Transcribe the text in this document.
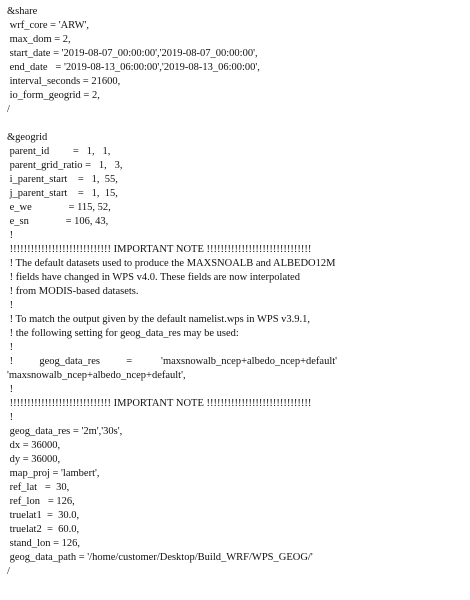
&share
wrf_core = 'ARW',
max_dom = 2,
start_date = '2019-08-07_00:00:00','2019-08-07_00:00:00',
end_date   = '2019-08-13_06:00:00','2019-08-13_06:00:00',
interval_seconds = 21600,
io_form_geogrid = 2,
/
&geogrid
parent_id         =   1,   1,
parent_grid_ratio =   1,   3,
i_parent_start    =   1,  55,
j_parent_start    =   1,  15,
e_we              = 115, 52,
e_sn              = 106, 43,
!
!!!!!!!!!!!!!!!!!!!!!!!!!!!!! IMPORTANT NOTE !!!!!!!!!!!!!!!!!!!!!!!!!!!!!!
! The default datasets used to produce the MAXSNOALB and ALBEDO12M
! fields have changed in WPS v4.0. These fields are now interpolated
! from MODIS-based datasets.
!
! To match the output given by the default namelist.wps in WPS v3.9.1,
! the following setting for geog_data_res may be used:
!
!          geog_data_res          =           'maxsnowalb_ncep+albedo_ncep+default'
'maxsnowalb_ncep+albedo_ncep+default',
!
!!!!!!!!!!!!!!!!!!!!!!!!!!!!! IMPORTANT NOTE !!!!!!!!!!!!!!!!!!!!!!!!!!!!!!
!
geog_data_res = '2m','30s',
dx = 36000,
dy = 36000,
map_proj = 'lambert',
ref_lat   =  30,
ref_lon   = 126,
truelat1  =  30.0,
truelat2  =  60.0,
stand_lon = 126,
geog_data_path = '/home/customer/Desktop/Build_WRF/WPS_GEOG/'
/
